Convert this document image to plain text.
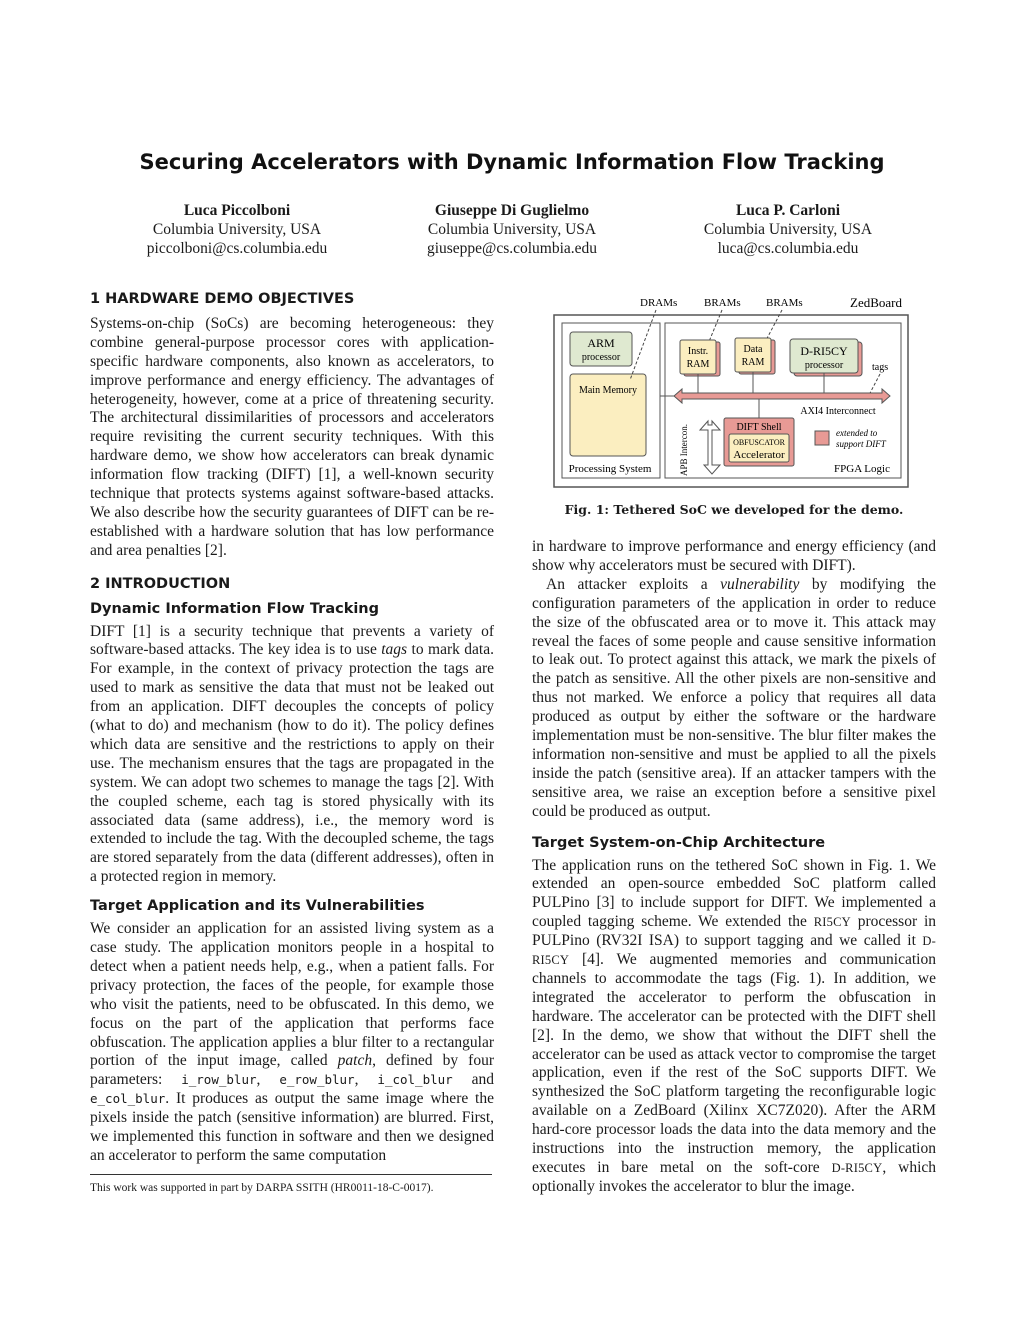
Securing Accelerators with Dynamic Information Flow Tracking
Luca Piccolboni
Columbia University, USA
piccolboni@cs.columbia.edu
Giuseppe Di Guglielmo
Columbia University, USA
giuseppe@cs.columbia.edu
Luca P. Carloni
Columbia University, USA
luca@cs.columbia.edu
1 HARDWARE DEMO OBJECTIVES

Systems-on-chip (SoCs) are becoming heterogeneous: they combine general-purpose processor cores with application-specific hardware components, also known as accelerators, to improve performance and energy efficiency. The advantages of heterogeneity, however, come at a price of threatening security. The architectural dissimilarities of processors and accelerators require revisiting the current security techniques. With this hardware demo, we show how accelerators can break dynamic information flow tracking (DIFT) [1], a well-known security technique that protects systems against software-based attacks. We also describe how the security guarantees of DIFT can be re-established with a hardware solution that has low performance and area penalties [2].

2 INTRODUCTION
Dynamic Information Flow Tracking

DIFT [1] is a security technique that prevents a variety of software-based attacks. The key idea is to use tags to mark data. For example, in the context of privacy protection the tags are used to mark as sensitive the data that must not be leaked out from an application. DIFT decouples the concepts of policy (what to do) and mechanism (how to do it). The policy defines which data are sensitive and the restrictions to apply on their use. The mechanism ensures that the tags are propagated in the system. We can adopt two schemes to manage the tags [2]. With the coupled scheme, each tag is stored physically with its associated data (same address), i.e., the memory word is extended to include the tag. With the decoupled scheme, the tags are stored separately from the data (different addresses), often in a protected region in memory.

Target Application and its Vulnerabilities

We consider an application for an assisted living system as a case study. The application monitors people in a hospital to detect when a patient needs help, e.g., when a patient falls. For privacy protection, the faces of the people, for example those who visit the patients, need to be obfuscated. In this demo, we focus on the part of the application that performs face obfuscation. The application applies a blur filter to a rectangular portion of the input image, called patch, defined by four parameters: i_row_blur, e_row_blur, i_col_blur and e_col_blur. It produces as output the same image where the pixels inside the patch (sensitive information) are blurred. First, we implemented this function in software and then we designed an accelerator to perform the same computation

This work was supported in part by DARPA SSITH (HR0011-18-C-0017).
DRAMs BRAMs BRAMs	ZedBoard
ARM
processor
Main Memory
Processing System	FPGA Logic
Instr.
RAM
Data
RAM
D-RI5CY
processor	tags
AXI4 Interconnect
APB Intercon.	DIFT Shell
OBFUSCATOR
Accelerator
extended to
support DIFT
Fig. 1: Tethered SoC we developed for the demo.

in hardware to improve performance and energy efficiency (and show why accelerators must be secured with DIFT).

An attacker exploits a vulnerability by modifying the configuration parameters of the application in order to reduce the size of the obfuscated area or to move it. This attack may reveal the faces of some people and cause sensitive information to leak out. To protect against this attack, we mark the pixels of the patch as sensitive. All the other pixels are non-sensitive and thus not marked. We enforce a policy that requires all data produced as output by either the software or the hardware implementation must be non-sensitive. The blur filter makes the information non-sensitive and must be applied to all the pixels inside the patch (sensitive area). If an attacker tampers with the sensitive area, we raise an exception before a sensitive pixel could be produced as output.

Target System-on-Chip Architecture

The application runs on the tethered SoC shown in Fig. 1. We extended an open-source embedded SoC platform called PULPino [3] to include support for DIFT. We implemented a coupled tagging scheme. We extended the RI5CY processor in PULPino (RV32I ISA) to support tagging and we called it D-RI5CY [4]. We augmented memories and communication channels to accommodate the tags (Fig. 1). In addition, we integrated the accelerator to perform the obfuscation in hardware. The accelerator can be protected with the DIFT shell [2]. In the demo, we show that without the DIFT shell the accelerator can be used as attack vector to compromise the target application, even if the rest of the SoC supports DIFT. We synthesized the SoC platform targeting the reconfigurable logic available on a ZedBoard (Xilinx XC7Z020). After the ARM hard-core processor loads the data into the data memory and the instructions into the instruction memory, the application executes in bare metal on the soft-core D-RI5CY, which optionally invokes the accelerator to blur the image.
